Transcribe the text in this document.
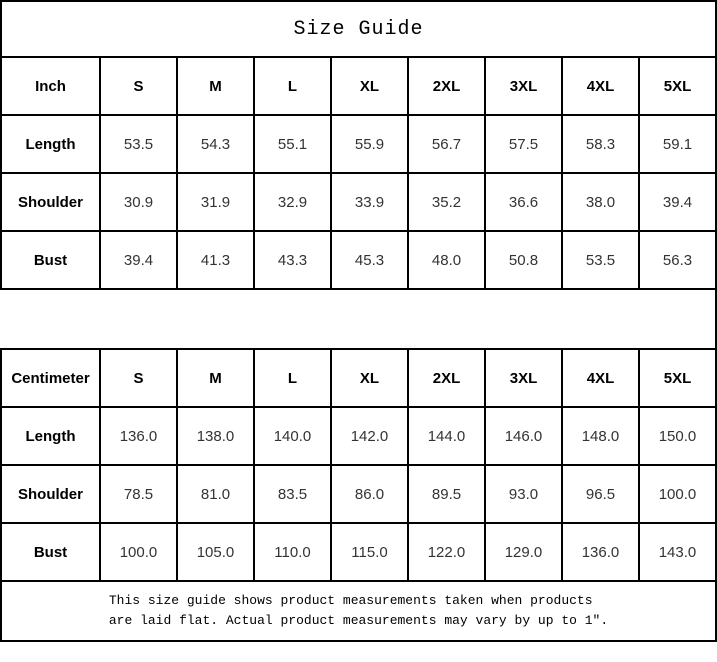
Size Guide
Inch	S	M	L	XL	2XL	3XL	4XL	5XL
Length	53.5	54.3	55.1	55.9	56.7	57.5	58.3	59.1
Shoulder	30.9	31.9	32.9	33.9	35.2	36.6	38.0	39.4
Bust	39.4	41.3	43.3	45.3	48.0	50.8	53.5	56.3
Centimeter	S	M	L	XL	2XL	3XL	4XL	5XL
Length	136.0	138.0	140.0	142.0	144.0	146.0	148.0	150.0
Shoulder	78.5	81.0	83.5	86.0	89.5	93.0	96.5	100.0
Bust	100.0	105.0	110.0	115.0	122.0	129.0	136.0	143.0
This size guide shows product measurements taken when products
are laid flat. Actual product measurements may vary by up to 1″.
